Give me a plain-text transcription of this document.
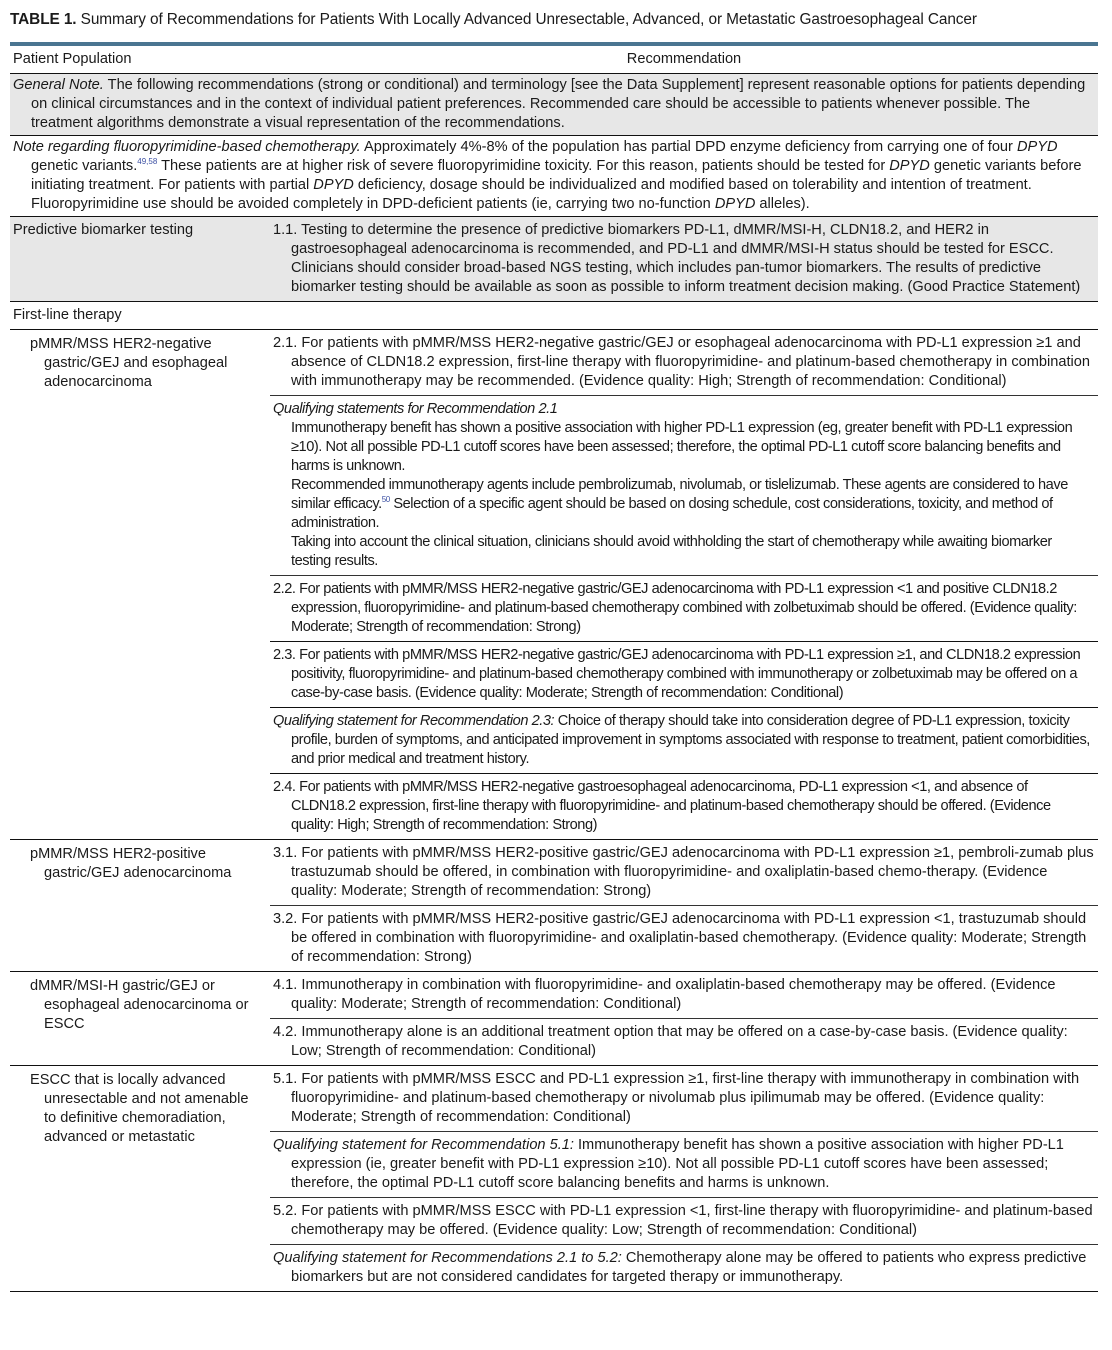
TABLE 1. Summary of Recommendations for Patients With Locally Advanced Unresectable, Advanced, or Metastatic Gastroesophageal Cancer
Patient Population	Recommendation

General Note. The following recommendations (strong or conditional) and terminology [see the Data Supplement] represent reasonable options for patients depending on clinical circumstances and in the context of individual patient preferences. Recommended care should be accessible to patients whenever possible. The treatment algorithms demonstrate a visual representation of the recommendations.	

Note regarding fluoropyrimidine-based chemotherapy. Approximately 4%-8% of the population has partial DPD enzyme deficiency from carrying one of four DPYD genetic variants.$^{49,58}$ These patients are at higher risk of severe fluoropyrimidine toxicity. For this reason, patients should be tested for DPYD genetic variants before initiating treatment. For patients with partial DPYD deficiency, dosage should be individualized and modified based on tolerability and intention of treatment. Fluoropyrimidine use should be avoided completely in DPD-deficient patients (ie, carrying two no-function DPYD alleles).	

Predictive biomarker testing	1.1. Testing to determine the presence of predictive biomarkers PD-L1, dMMR/MSI-H, CLDN18.2, and HER2 in gastroesophageal adenocarcinoma is recommended, and PD-L1 and dMMR/MSI-H status should be tested for ESCC. Clinicians should consider broad-based NGS testing, which includes pan-tumor biomarkers. The results of predictive biomarker testing should be available as soon as possible to inform treatment decision making. (Good Practice Statement)

First-line therapy	

pMMR/MSS HER2-negative gastric/GEJ and esophageal adenocarcinoma	2.1. For patients with pMMR/MSS HER2-negative gastric/GEJ or esophageal adenocarcinoma with PD-L1 expression ≥1 and absence of CLDN18.2 expression, first-line therapy with fluoropyrimidine- and platinum-based chemotherapy in combination with immunotherapy may be recommended. (Evidence quality: High; Strength of recommendation: Conditional)

	Qualifying statements for Recommendation 2.1
Immunotherapy benefit has shown a positive association with higher PD-L1 expression (eg, greater benefit with PD-L1 expression ≥10). Not all possible PD-L1 cutoff scores have been assessed; therefore, the optimal PD-L1 cutoff score balancing benefits and harms is unknown.
Recommended immunotherapy agents include pembrolizumab, nivolumab, or tislelizumab. These agents are considered to have similar efficacy.$^{50}$ Selection of a specific agent should be based on dosing schedule, cost considerations, toxicity, and method of administration.
Taking into account the clinical situation, clinicians should avoid withholding the start of chemotherapy while awaiting biomarker testing results.

	2.2. For patients with pMMR/MSS HER2-negative gastric/GEJ adenocarcinoma with PD-L1 expression <1 and positive CLDN18.2 expression, fluoropyrimidine- and platinum-based chemotherapy combined with zolbetuximab should be offered. (Evidence quality: Moderate; Strength of recommendation: Strong)

	2.3. For patients with pMMR/MSS HER2-negative gastric/GEJ adenocarcinoma with PD-L1 expression ≥1, and CLDN18.2 expression positivity, fluoropyrimidine- and platinum-based chemotherapy combined with immunotherapy or zolbetuximab may be offered on a case-by-case basis. (Evidence quality: Moderate; Strength of recommendation: Conditional)

	Qualifying statement for Recommendation 2.3: Choice of therapy should take into consideration degree of PD-L1 expression, toxicity profile, burden of symptoms, and anticipated improvement in symptoms associated with response to treatment, patient comorbidities, and prior medical and treatment history.

	2.4. For patients with pMMR/MSS HER2-negative gastroesophageal adenocarcinoma, PD-L1 expression <1, and absence of CLDN18.2 expression, first-line therapy with fluoropyrimidine- and platinum-based chemotherapy should be offered. (Evidence quality: High; Strength of recommendation: Strong)

pMMR/MSS HER2-positive gastric/GEJ adenocarcinoma	3.1. For patients with pMMR/MSS HER2-positive gastric/GEJ adenocarcinoma with PD-L1 expression ≥1, pembroli-zumab plus trastuzumab should be offered, in combination with fluoropyrimidine- and oxaliplatin-based chemo-therapy. (Evidence quality: Moderate; Strength of recommendation: Strong)

	3.2. For patients with pMMR/MSS HER2-positive gastric/GEJ adenocarcinoma with PD-L1 expression <1, trastuzumab should be offered in combination with fluoropyrimidine- and oxaliplatin-based chemotherapy. (Evidence quality: Moderate; Strength of recommendation: Strong)

dMMR/MSI-H gastric/GEJ or esophageal adenocarcinoma or ESCC	4.1. Immunotherapy in combination with fluoropyrimidine- and oxaliplatin-based chemotherapy may be offered. (Evidence quality: Moderate; Strength of recommendation: Conditional)

	4.2. Immunotherapy alone is an additional treatment option that may be offered on a case-by-case basis. (Evidence quality: Low; Strength of recommendation: Conditional)

ESCC that is locally advanced unresectable and not amenable to definitive chemoradiation, advanced or metastatic	5.1. For patients with pMMR/MSS ESCC and PD-L1 expression ≥1, first-line therapy with immunotherapy in combination with fluoropyrimidine- and platinum-based chemotherapy or nivolumab plus ipilimumab may be offered. (Evidence quality: Moderate; Strength of recommendation: Conditional)

	Qualifying statement for Recommendation 5.1: Immunotherapy benefit has shown a positive association with higher PD-L1 expression (ie, greater benefit with PD-L1 expression ≥10). Not all possible PD-L1 cutoff scores have been assessed; therefore, the optimal PD-L1 cutoff score balancing benefits and harms is unknown.

	5.2. For patients with pMMR/MSS ESCC with PD-L1 expression <1, first-line therapy with fluoropyrimidine- and platinum-based chemotherapy may be offered. (Evidence quality: Low; Strength of recommendation: Conditional)

	Qualifying statement for Recommendations 2.1 to 5.2: Chemotherapy alone may be offered to patients who express predictive biomarkers but are not considered candidates for targeted therapy or immunotherapy.
